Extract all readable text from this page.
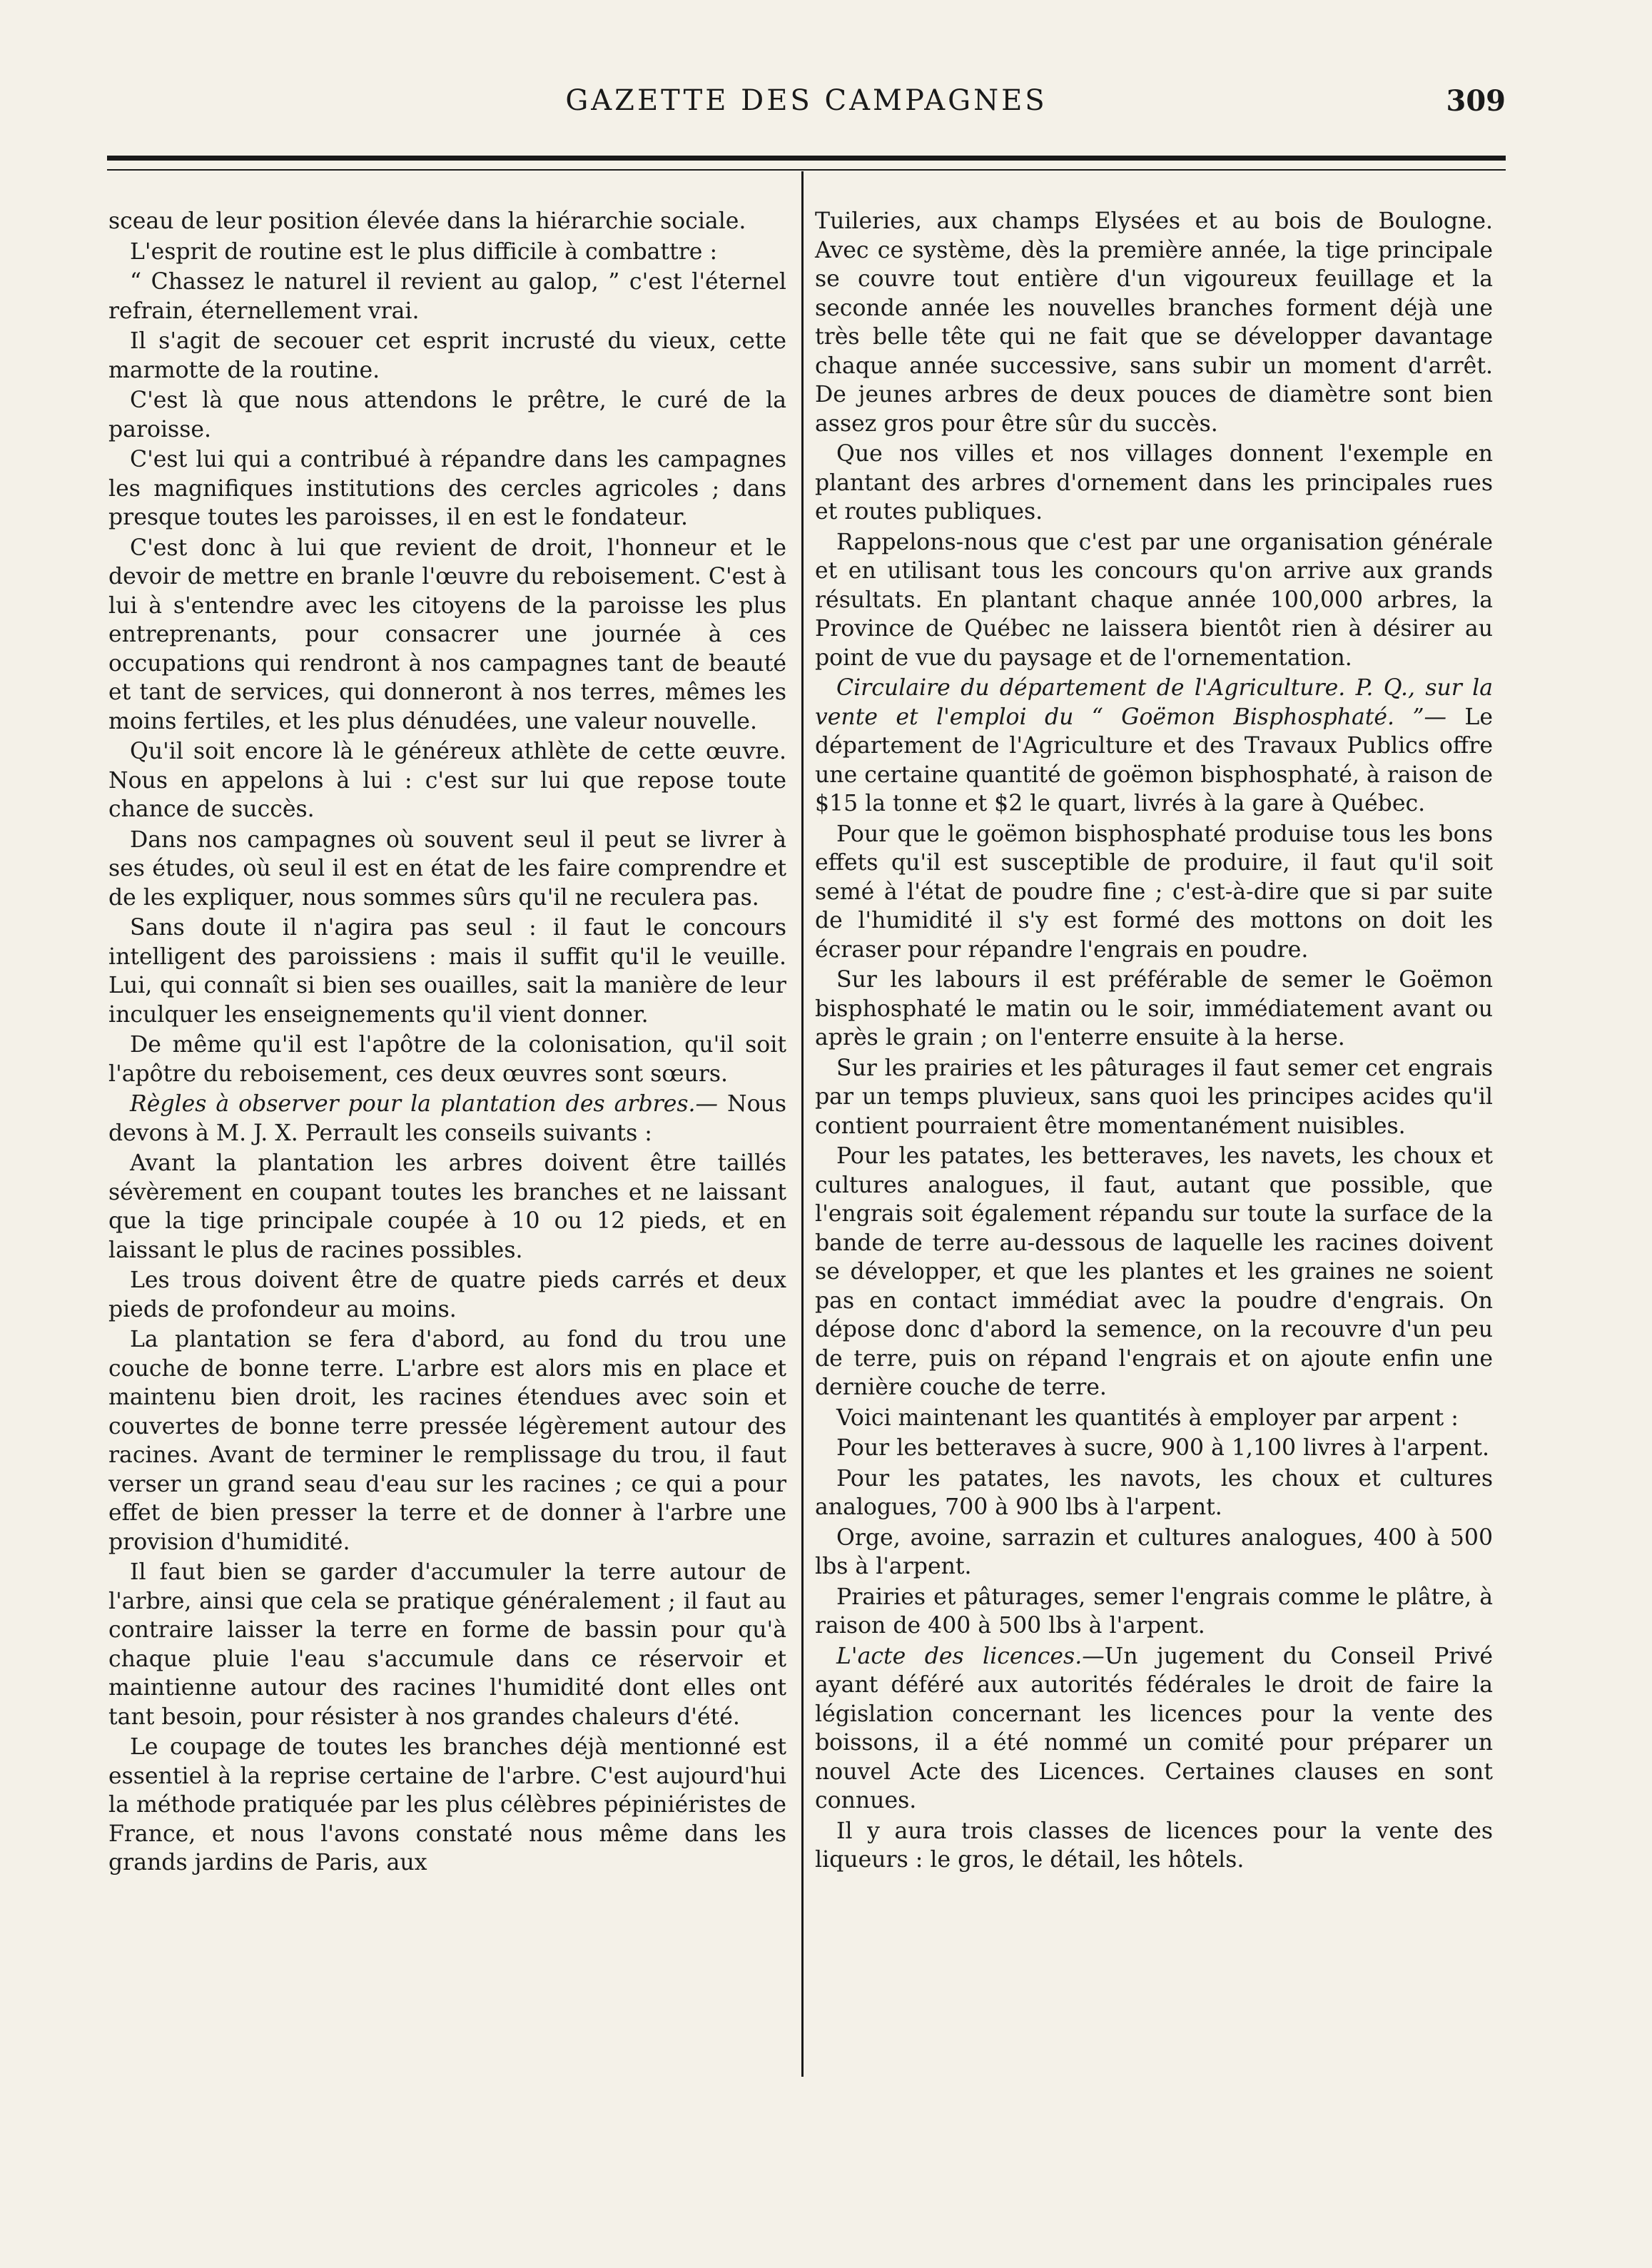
GAZETTE DES CAMPAGNES	309

sceau de leur position élevée dans la hiérarchie sociale.

L'esprit de routine est le plus difficile à combattre :

“ Chassez le naturel il revient au galop, ” c'est l'éternel refrain, éternellement vrai.

Il s'agit de secouer cet esprit incrusté du vieux, cette marmotte de la routine.

C'est là que nous attendons le prêtre, le curé de la paroisse.

C'est lui qui a contribué à répandre dans les campagnes les magnifiques institutions des cercles agricoles ; dans presque toutes les paroisses, il en est le fondateur.

C'est donc à lui que revient de droit, l'honneur et le devoir de mettre en branle l'œuvre du reboisement. C'est à lui à s'entendre avec les citoyens de la paroisse les plus entreprenants, pour consacrer une journée à ces occupations qui rendront à nos campagnes tant de beauté et tant de services, qui donneront à nos terres, mêmes les moins fertiles, et les plus dénudées, une valeur nouvelle.

Qu'il soit encore là le généreux athlète de cette œuvre. Nous en appelons à lui : c'est sur lui que repose toute chance de succès.

Dans nos campagnes où souvent seul il peut se livrer à ses études, où seul il est en état de les faire comprendre et de les expliquer, nous sommes sûrs qu'il ne reculera pas.

Sans doute il n'agira pas seul : il faut le concours intelligent des paroissiens : mais il suffit qu'il le veuille. Lui, qui connaît si bien ses ouailles, sait la manière de leur inculquer les enseignements qu'il vient donner.

De même qu'il est l'apôtre de la colonisation, qu'il soit l'apôtre du reboisement, ces deux œuvres sont sœurs.

Règles à observer pour la plantation des arbres.— Nous devons à M. J. X. Perrault les conseils suivants :

Avant la plantation les arbres doivent être taillés sévèrement en coupant toutes les branches et ne laissant que la tige principale coupée à 10 ou 12 pieds, et en laissant le plus de racines possibles.

Les trous doivent être de quatre pieds carrés et deux pieds de profondeur au moins.

La plantation se fera d'abord, au fond du trou une couche de bonne terre. L'arbre est alors mis en place et maintenu bien droit, les racines étendues avec soin et couvertes de bonne terre pressée légèrement autour des racines. Avant de terminer le remplissage du trou, il faut verser un grand seau d'eau sur les racines ; ce qui a pour effet de bien presser la terre et de donner à l'arbre une provision d'humidité.

Il faut bien se garder d'accumuler la terre autour de l'arbre, ainsi que cela se pratique généralement ; il faut au contraire laisser la terre en forme de bassin pour qu'à chaque pluie l'eau s'accumule dans ce réservoir et maintienne autour des racines l'humidité dont elles ont tant besoin, pour résister à nos grandes chaleurs d'été.

Le coupage de toutes les branches déjà mentionné est essentiel à la reprise certaine de l'arbre. C'est aujourd'hui la méthode pratiquée par les plus célèbres pépiniéristes de France, et nous l'avons constaté nous même dans les grands jardins de Paris, aux

Tuileries, aux champs Elysées et au bois de Boulogne. Avec ce système, dès la première année, la tige principale se couvre tout entière d'un vigoureux feuillage et la seconde année les nouvelles branches forment déjà une très belle tête qui ne fait que se développer davantage chaque année successive, sans subir un moment d'arrêt. De jeunes arbres de deux pouces de diamètre sont bien assez gros pour être sûr du succès.

Que nos villes et nos villages donnent l'exemple en plantant des arbres d'ornement dans les principales rues et routes publiques.

Rappelons-nous que c'est par une organisation générale et en utilisant tous les concours qu'on arrive aux grands résultats. En plantant chaque année 100,000 arbres, la Province de Québec ne laissera bientôt rien à désirer au point de vue du paysage et de l'ornementation.

Circulaire du département de l'Agriculture. P. Q., sur la vente et l'emploi du “ Goëmon Bisphosphaté. ”— Le département de l'Agriculture et des Travaux Publics offre une certaine quantité de goëmon bisphosphaté, à raison de $15 la tonne et $2 le quart, livrés à la gare à Québec.

Pour que le goëmon bisphosphaté produise tous les bons effets qu'il est susceptible de produire, il faut qu'il soit semé à l'état de poudre fine ; c'est-à-dire que si par suite de l'humidité il s'y est formé des mottons on doit les écraser pour répandre l'engrais en poudre.

Sur les labours il est préférable de semer le Goëmon bisphosphaté le matin ou le soir, immédiatement avant ou après le grain ; on l'enterre ensuite à la herse.

Sur les prairies et les pâturages il faut semer cet engrais par un temps pluvieux, sans quoi les principes acides qu'il contient pourraient être momentanément nuisibles.

Pour les patates, les betteraves, les navets, les choux et cultures analogues, il faut, autant que possible, que l'engrais soit également répandu sur toute la surface de la bande de terre au-dessous de laquelle les racines doivent se développer, et que les plantes et les graines ne soient pas en contact immédiat avec la poudre d'engrais. On dépose donc d'abord la semence, on la recouvre d'un peu de terre, puis on répand l'engrais et on ajoute enfin une dernière couche de terre.

Voici maintenant les quantités à employer par arpent :

Pour les betteraves à sucre, 900 à 1,100 livres à l'arpent.

Pour les patates, les navots, les choux et cultures analogues, 700 à 900 lbs à l'arpent.

Orge, avoine, sarrazin et cultures analogues, 400 à 500 lbs à l'arpent.

Prairies et pâturages, semer l'engrais comme le plâtre, à raison de 400 à 500 lbs à l'arpent.

L'acte des licences.—Un jugement du Conseil Privé ayant déféré aux autorités fédérales le droit de faire la législation concernant les licences pour la vente des boissons, il a été nommé un comité pour préparer un nouvel Acte des Licences. Certaines clauses en sont connues.

Il y aura trois classes de licences pour la vente des liqueurs : le gros, le détail, les hôtels.
